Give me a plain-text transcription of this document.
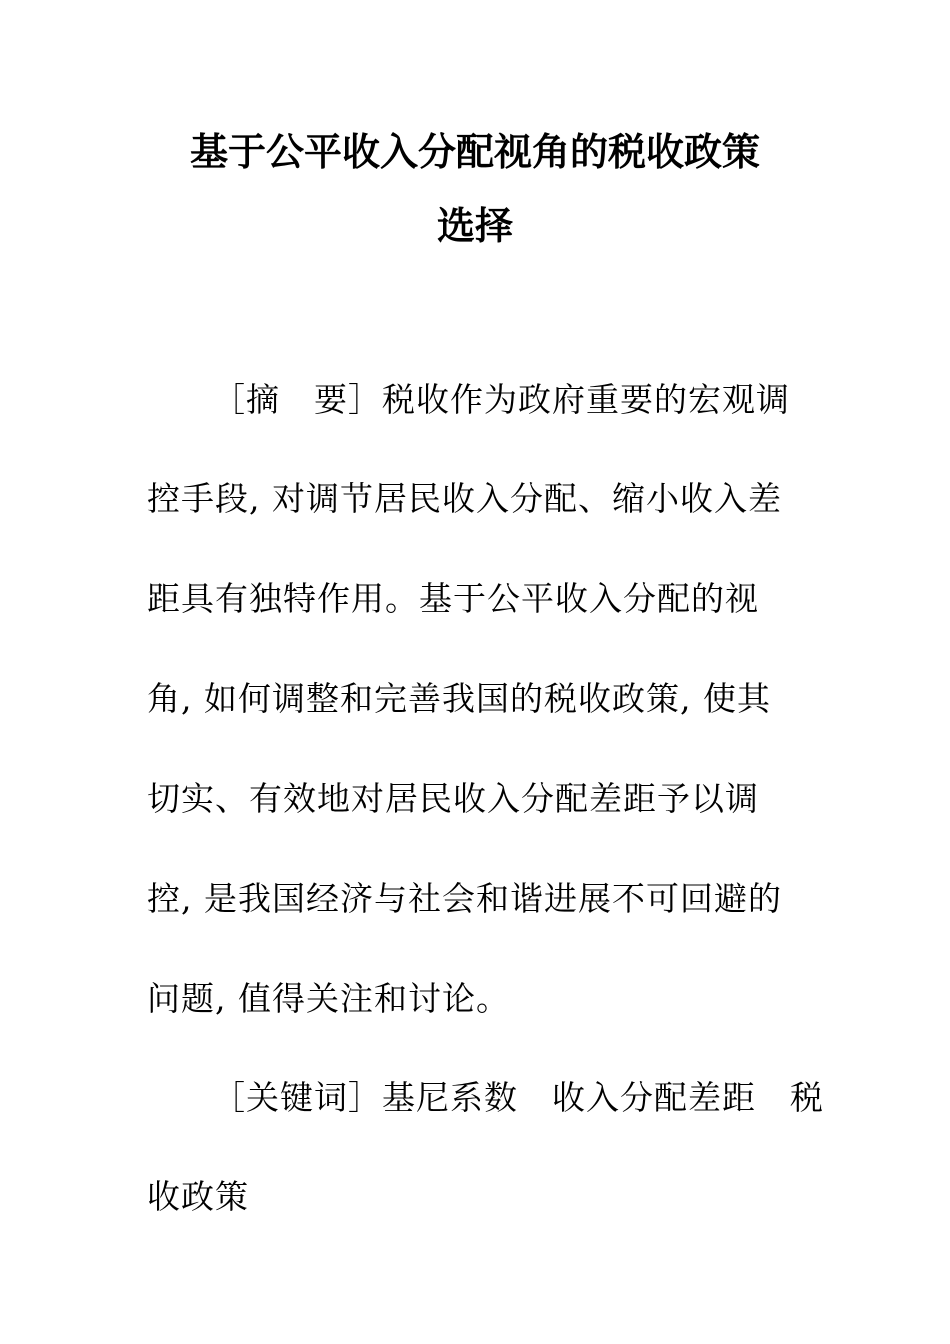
基于公平收入分配视角的税收政策
选择
［摘　要］税收作为政府重要的宏观调
控手段, 对调节居民收入分配、缩小收入差
距具有独特作用。基于公平收入分配的视
角, 如何调整和完善我国的税收政策, 使其
切实、有效地对居民收入分配差距予以调
控, 是我国经济与社会和谐进展不可回避的
问题, 值得关注和讨论。
［关键词］基尼系数　收入分配差距　税
收政策
